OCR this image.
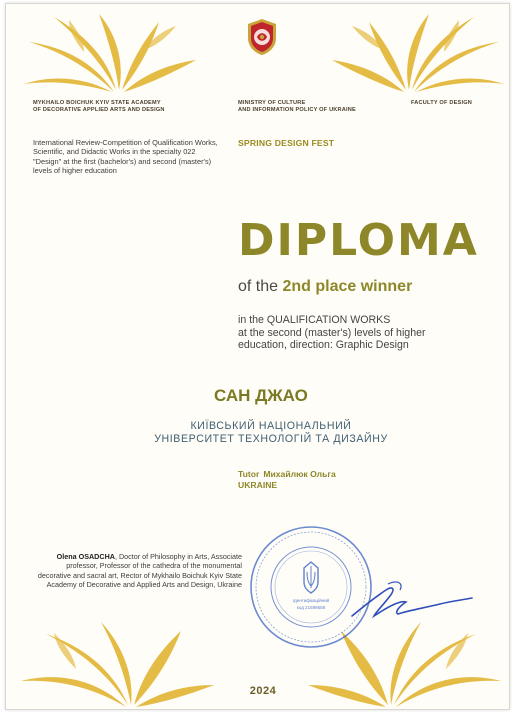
MYKHAILO BOICHUK KYIV STATE ACADEMY
OF DECORATIVE APPLIED ARTS AND DESIGN
MINISTRY OF CULTURE
AND INFORMATION POLICY OF UKRAINE
FACULTY OF DESIGN
International Review-Competition of Qualification Works, Scientific, and Didactic Works in the specialty 022 "Design" at the first (bachelor's) and second (master's) levels of higher education
SPRING DESIGN FEST
DIPLOMA
of the 2nd place winner
in the QUALIFICATION WORKS
at the second (master's) levels of higher
education, direction: Graphic Design
САН ДЖАО
КИЇВСЬКИЙ НАЦІОНАЛЬНИЙ
УНІВЕРСИТЕТ ТЕХНОЛОГІЙ ТА ДИЗАЙНУ
Tutor Михайлюк Ольга
UKRAINE
Olena OSADCHA, Doctor of Philosophy in Arts, Associate professor, Professor of the cathedra of the monumental decorative and sacral art, Rector of Mykhailo Boichuk Kyiv State Academy of Decorative and Applied Arts and Design, Ukraine
Ідентифікаційний
код 21599558
2024
